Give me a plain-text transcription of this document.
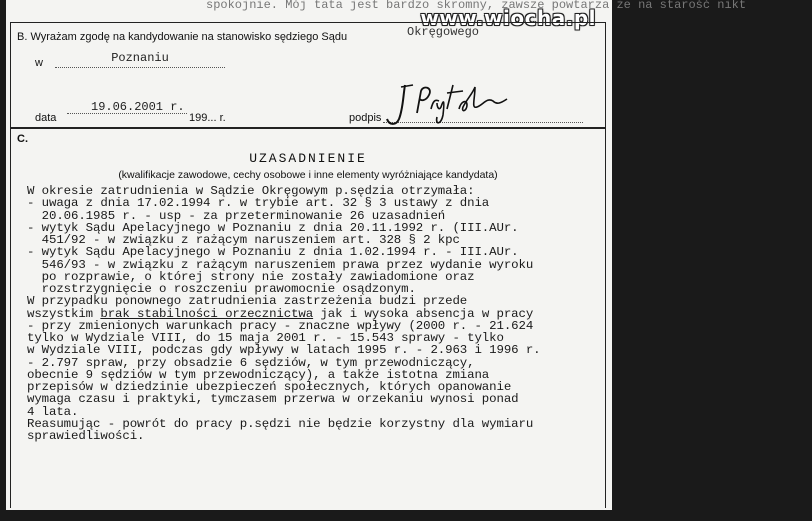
spokojnie. Mój tata jest bardzo skromny, zawsze powtarza że na starość nikt
www.wiocha.pl
B. Wyrażam zgodę na kandydowanie na stanowisko sędziego Sądu	Okręgowego
w	Poznaniu
19.06.2001 r.
data	199... r.	podpis
C.
UZASADNIENIE
(kwalifikacje zawodowe, cechy osobowe i inne elementy wyróżniające kandydata)
W okresie zatrudnienia w Sądzie Okręgowym p.sędzia otrzymała:
- uwaga z dnia 17.02.1994 r. w trybie art. 32 § 3 ustawy z dnia
20.06.1985 r. - usp - za przeterminowanie 26 uzasadnień
- wytyk Sądu Apelacyjnego w Poznaniu z dnia 20.11.1992 r. (III.AUr.
451/92 - w związku z rażącym naruszeniem art. 328 § 2 kpc
- wytyk Sądu Apelacyjnego w Poznaniu z dnia 1.02.1994 r. - III.AUr.
546/93 - w związku z rażącym naruszeniem prawa przez wydanie wyroku
po rozprawie, o której strony nie zostały zawiadomione oraz
rozstrzygnięcie o roszczeniu prawomocnie osądzonym.
W przypadku ponownego zatrudnienia zastrzeżenia budzi przede
wszystkim brak stabilności orzecznictwa jak i wysoka absencja w pracy
- przy zmienionych warunkach pracy - znaczne wpływy (2000 r. - 21.624
tylko w Wydziale VIII, do 15 maja 2001 r. - 15.543 sprawy - tylko
w Wydziale VIII, podczas gdy wpływy w latach 1995 r. - 2.963 i 1996 r.
- 2.797 spraw, przy obsadzie 6 sędziów, w tym przewodniczący,
obecnie 9 sędziów w tym przewodniczący), a także istotna zmiana
przepisów w dziedzinie ubezpieczeń społecznych, których opanowanie
wymaga czasu i praktyki, tymczasem przerwa w orzekaniu wynosi ponad
4 lata.
Reasumując - powrót do pracy p.sędzi nie będzie korzystny dla wymiaru
sprawiedliwości.
